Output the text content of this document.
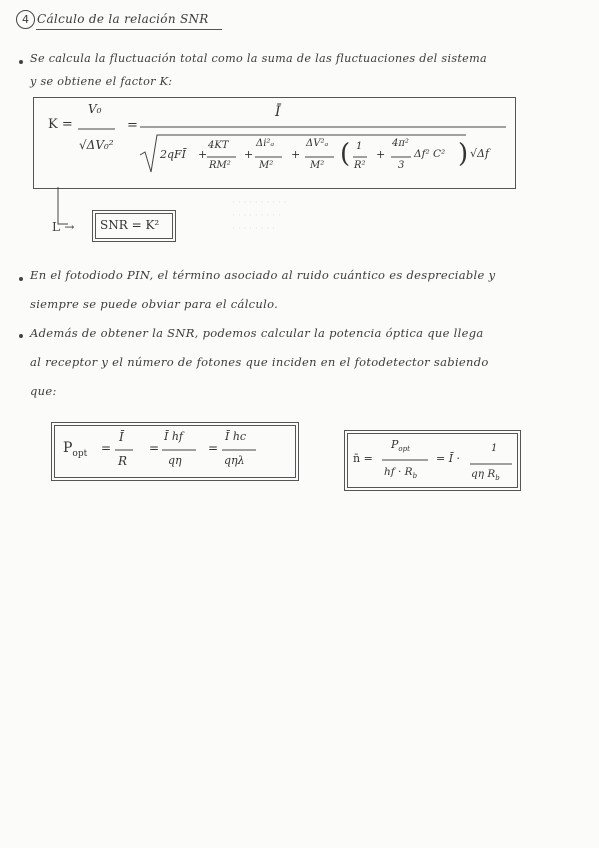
· · · · · · · · · ·
· · · · · · · · ·
· · · · · · · ·
4 Cálculo de la relación SNR
Se calcula la fluctuación total como la suma de las fluctuaciones del sistema
y se obtiene el factor K:
K =
V₀
√ΔV₀²
=
Ī
2qFĪ +
4KT
RM²
+
Δi²ₐ
M²
+
ΔV²ₐ
M² ( 1
R²
+
4π²
3
Δf² C² ) √Δf
L → SNR = K²
En el fotodiodo PIN, el término asociado al ruido cuántico es despreciable y
siempre se puede obviar para el cálculo.
Además de obtener la SNR, podemos calcular la potencia óptica que llega
al receptor y el número de fotones que inciden en el fotodetector sabiendo
que:
$P_{opt}$ =
Ī
R
=
Ī hf
qη
=
Ī hc
qηλ	n̄ =
$P_{opt}$
hf · $R_b$
= Ī ·
1
qη $R_b$
